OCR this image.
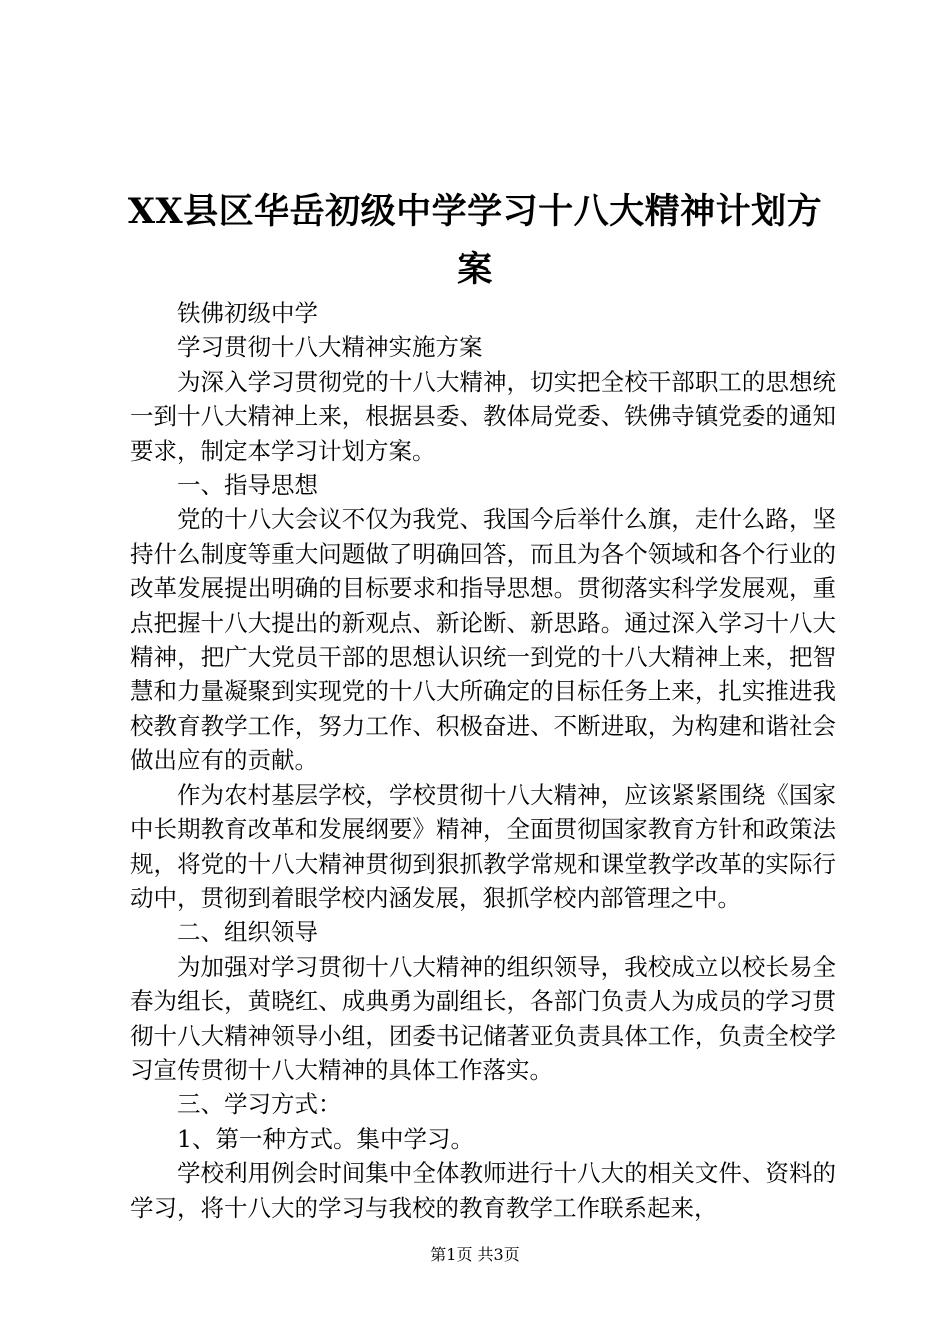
XX县区华岳初级中学学习十八大精神计划方案

铁佛初级中学

学习贯彻十八大精神实施方案

为深入学习贯彻党的十八大精神，切实把全校干部职工的思想统一到十八大精神上来，根据县委、教体局党委、铁佛寺镇党委的通知要求，制定本学习计划方案。

一、指导思想

党的十八大会议不仅为我党、我国今后举什么旗，走什么路，坚持什么制度等重大问题做了明确回答，而且为各个领域和各个行业的改革发展提出明确的目标要求和指导思想。贯彻落实科学发展观，重点把握十八大提出的新观点、新论断、新思路。通过深入学习十八大精神，把广大党员干部的思想认识统一到党的十八大精神上来，把智慧和力量凝聚到实现党的十八大所确定的目标任务上来，扎实推进我校教育教学工作，努力工作、积极奋进、不断进取，为构建和谐社会做出应有的贡献。

作为农村基层学校，学校贯彻十八大精神，应该紧紧围绕《国家中长期教育改革和发展纲要》精神，全面贯彻国家教育方针和政策法规，将党的十八大精神贯彻到狠抓教学常规和课堂教学改革的实际行动中，贯彻到着眼学校内涵发展，狠抓学校内部管理之中。

二、组织领导

为加强对学习贯彻十八大精神的组织领导，我校成立以校长易全春为组长，黄晓红、成典勇为副组长，各部门负责人为成员的学习贯彻十八大精神领导小组，团委书记储著亚负责具体工作，负责全校学习宣传贯彻十八大精神的具体工作落实。

三、学习方式：

1、第一种方式。集中学习。

学校利用例会时间集中全体教师进行十八大的相关文件、资料的学习，将十八大的学习与我校的教育教学工作联系起来，

第1页 共3页
